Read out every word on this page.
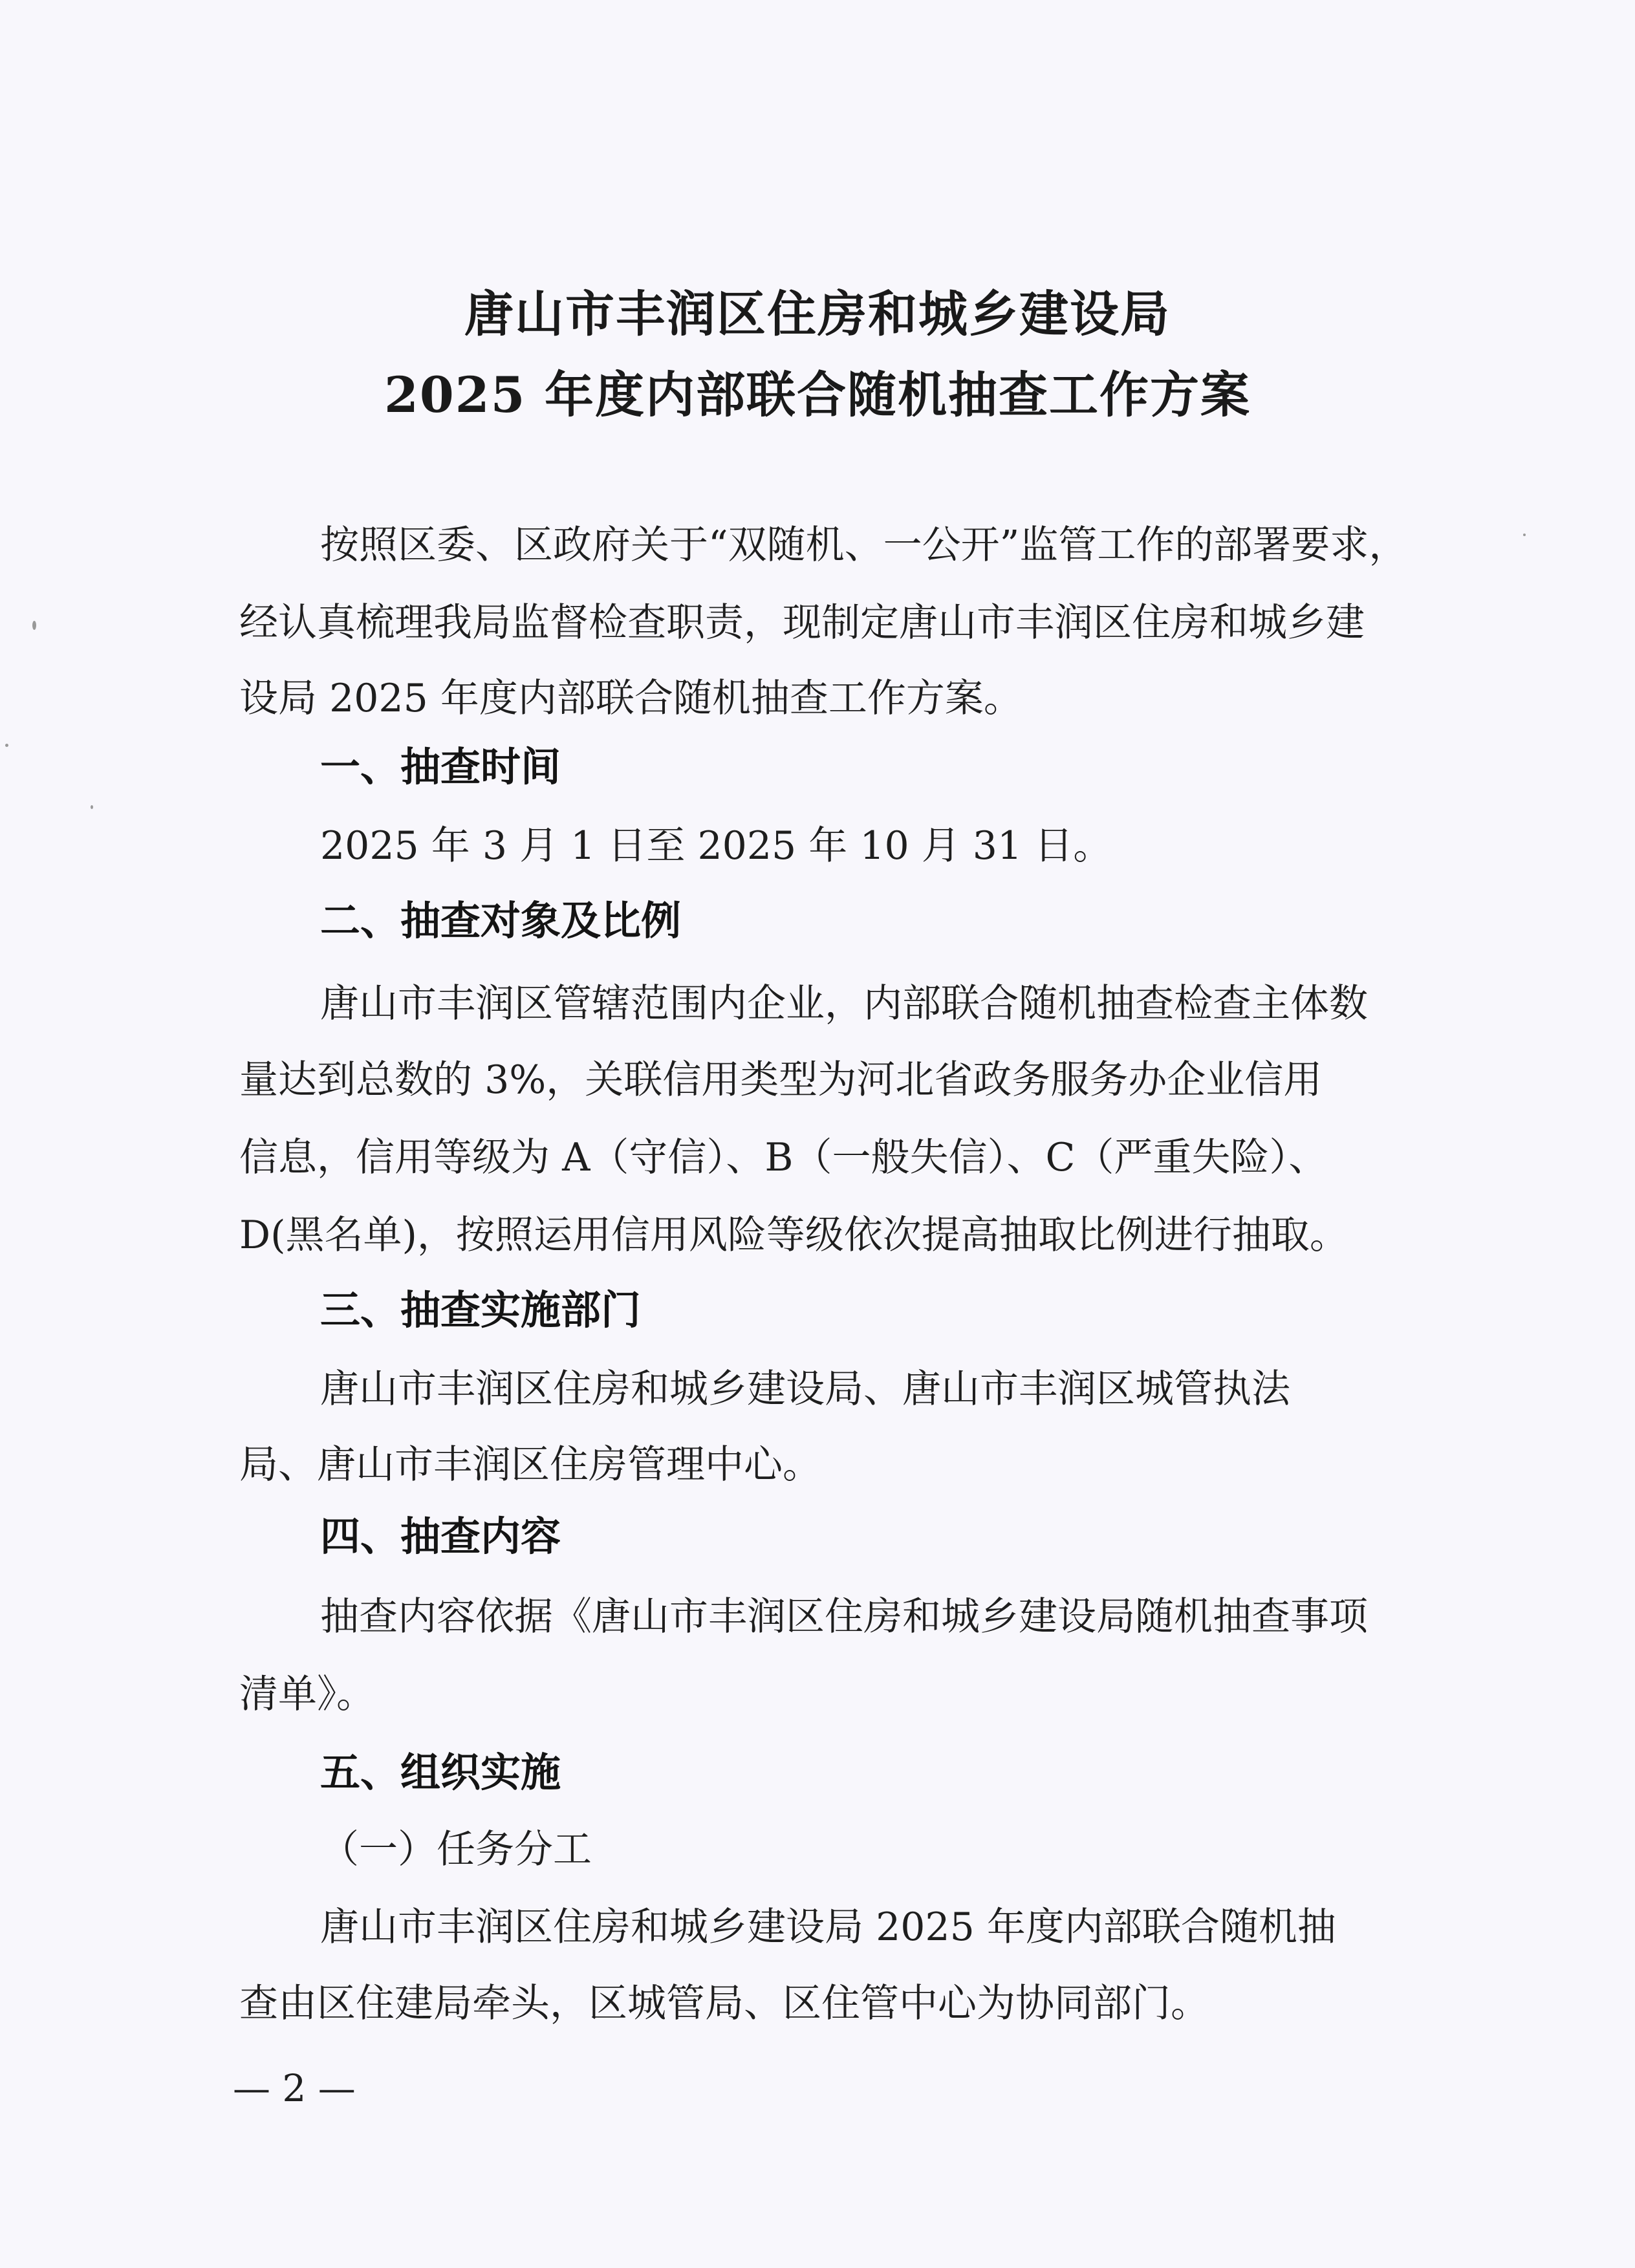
唐山市丰润区住房和城乡建设局
2025 年度内部联合随机抽查工作方案
按照区委、区政府关于“双随机、一公开”监管工作的部署要求，
经认真梳理我局监督检查职责，现制定唐山市丰润区住房和城乡建
设局 2025 年度内部联合随机抽查工作方案。
一、抽查时间
2025 年 3 月 1 日至 2025 年 10 月 31 日。
二、抽查对象及比例
唐山市丰润区管辖范围内企业，内部联合随机抽查检查主体数
量达到总数的 3%，关联信用类型为河北省政务服务办企业信用
信息，信用等级为 A（守信）、B（一般失信）、C（严重失险）、
D(黑名单)，按照运用信用风险等级依次提高抽取比例进行抽取。
三、抽查实施部门
唐山市丰润区住房和城乡建设局、唐山市丰润区城管执法
局、唐山市丰润区住房管理中心。
四、抽查内容
抽查内容依据《唐山市丰润区住房和城乡建设局随机抽查事项
清单》。
五、组织实施
（一）任务分工
唐山市丰润区住房和城乡建设局 2025 年度内部联合随机抽
查由区住建局牵头，区城管局、区住管中心为协同部门。
— 2 —
